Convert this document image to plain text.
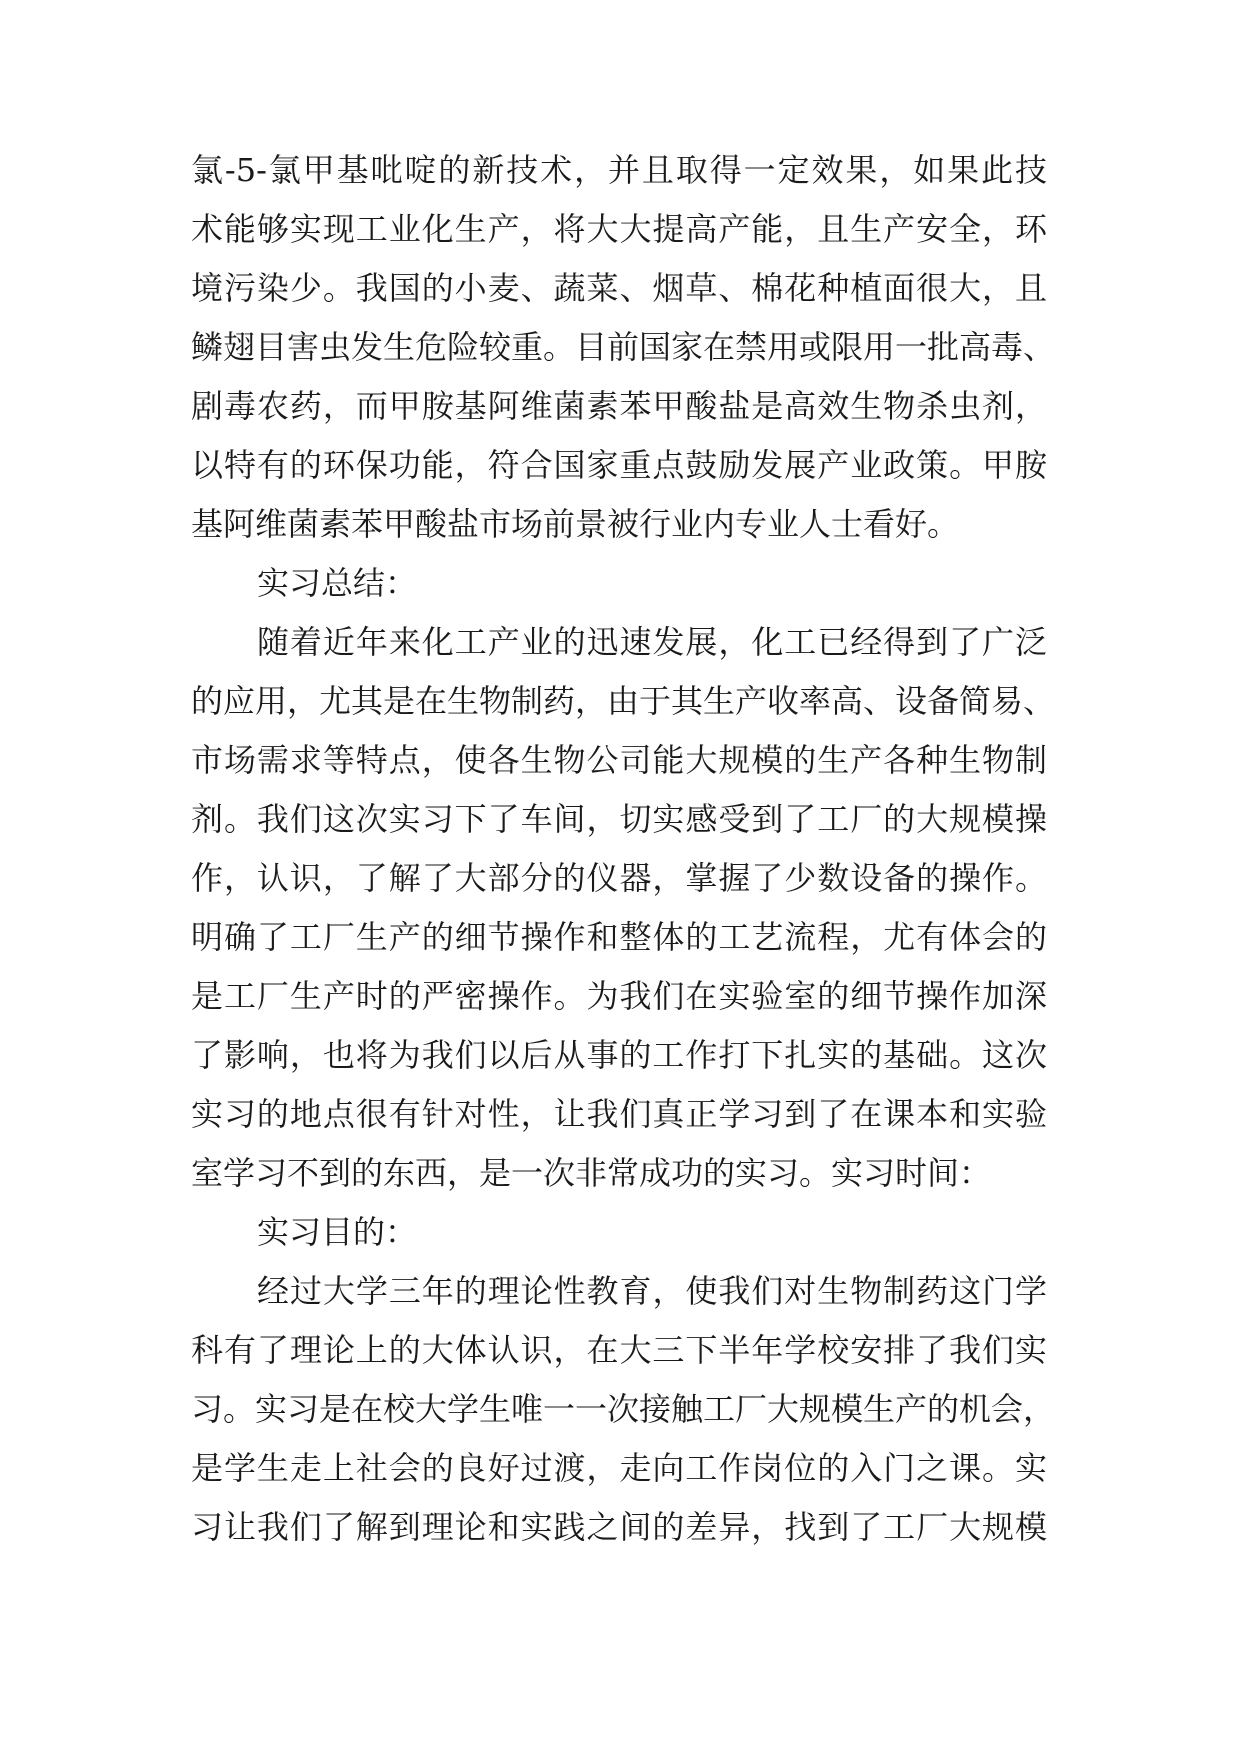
氯-5-氯甲基吡啶的新技术，并且取得一定效果，如果此技
术能够实现工业化生产，将大大提高产能，且生产安全，环
境污染少。我国的小麦、蔬菜、烟草、棉花种植面很大，且
鳞翅目害虫发生危险较重。目前国家在禁用或限用一批高毒、
剧毒农药，而甲胺基阿维菌素苯甲酸盐是高效生物杀虫剂，
以特有的环保功能，符合国家重点鼓励发展产业政策。甲胺
基阿维菌素苯甲酸盐市场前景被行业内专业人士看好。
实习总结：
随着近年来化工产业的迅速发展，化工已经得到了广泛
的应用，尤其是在生物制药，由于其生产收率高、设备简易、
市场需求等特点，使各生物公司能大规模的生产各种生物制
剂。我们这次实习下了车间，切实感受到了工厂的大规模操
作，认识，了解了大部分的仪器，掌握了少数设备的操作。
明确了工厂生产的细节操作和整体的工艺流程，尤有体会的
是工厂生产时的严密操作。为我们在实验室的细节操作加深
了影响，也将为我们以后从事的工作打下扎实的基础。这次
实习的地点很有针对性，让我们真正学习到了在课本和实验
室学习不到的东西，是一次非常成功的实习。实习时间：
实习目的：
经过大学三年的理论性教育，使我们对生物制药这门学
科有了理论上的大体认识，在大三下半年学校安排了我们实
习。实习是在校大学生唯一一次接触工厂大规模生产的机会，
是学生走上社会的良好过渡，走向工作岗位的入门之课。实
习让我们了解到理论和实践之间的差异，找到了工厂大规模
